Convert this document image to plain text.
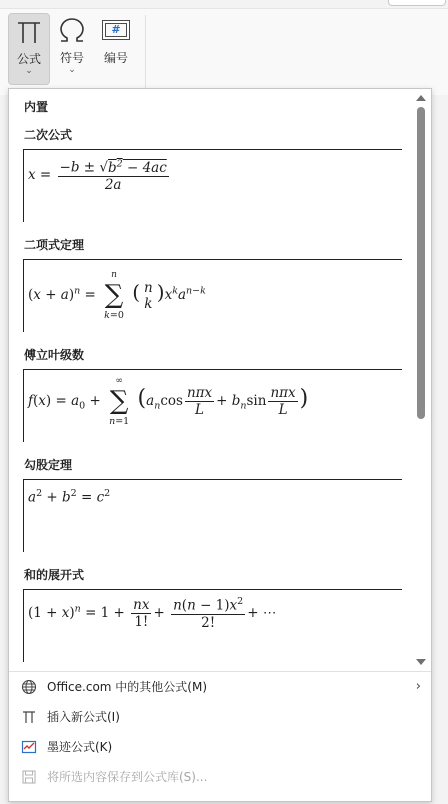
公式
⌄
符号
⌄
#
编号
内置
二次公式
$x = \frac{-b \pm √b^2 - 4ac}{2a}$
二项式定理
$(x + a)^n$ =
n
∑
k=0
( n
k )$x^ka^{n-k}$
傅立叶级数
$f(x) = a_0$ +
∞
∑
n=1
($a_n\cos \frac{\text{nπx}}{L} + b_n\sin \frac{\text{nπx}}{L}$ )
勾股定理
$a^2 + b^2 = c^2$
和的展开式
$(1 + x)^n = 1 + \frac{nx}{1!} + \frac{n(n - 1)x^2}{2!}$ + ⋯
Office.com 中的其他公式(M)	›
插入新公式(I)
墨迹公式(K)
将所选内容保存到公式库(S)...
